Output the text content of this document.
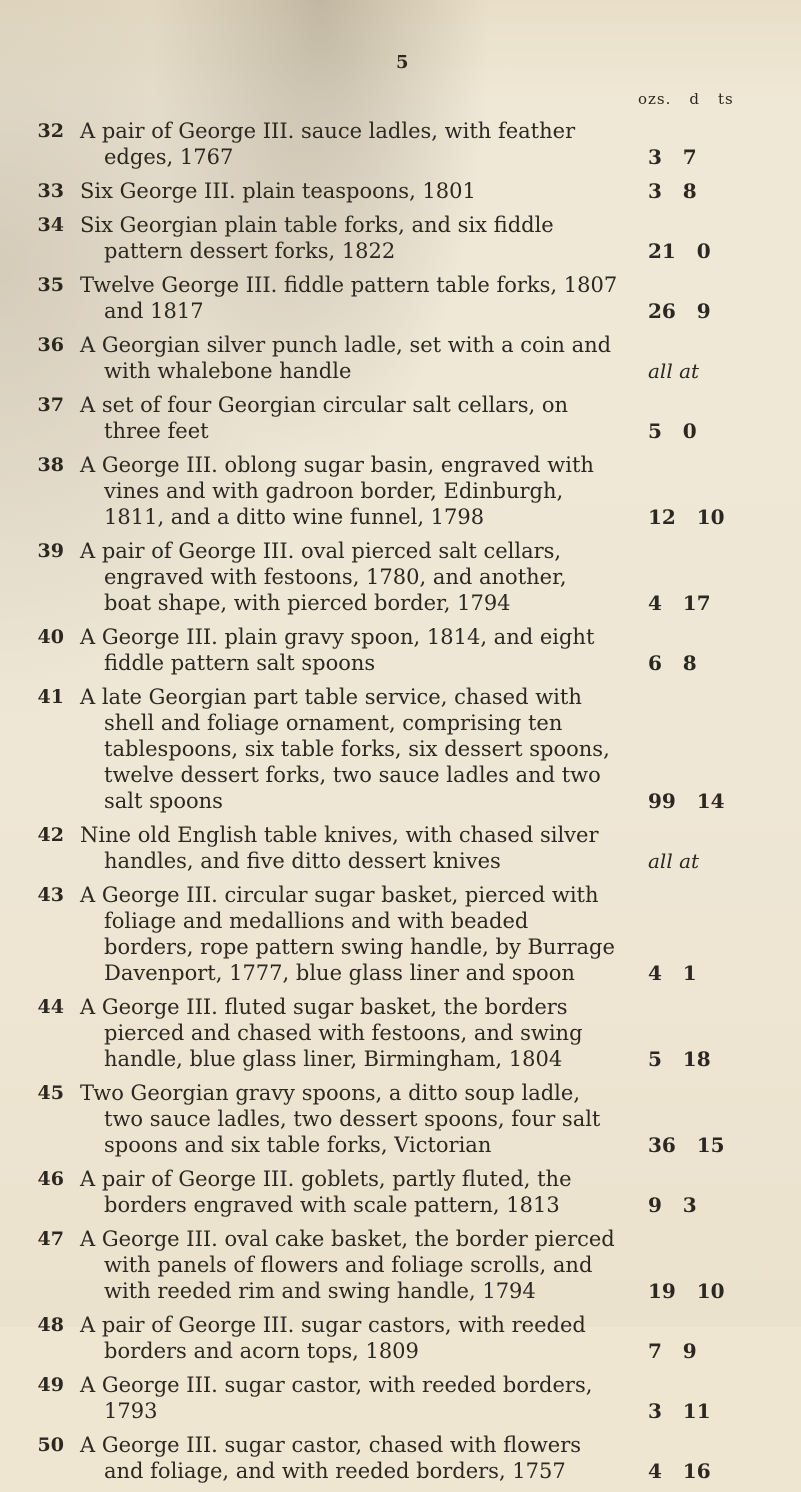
5
ozs. d ts
32 A pair of George III. sauce ladles, with feather edges, 1767	3   7
33 Six George III. plain teaspoons, 1801	3   8
34 Six Georgian plain table forks, and six fiddle pattern dessert forks, 1822	21   0
35 Twelve George III. fiddle pattern table forks, 1807 and 1817	26   9
36 A Georgian silver punch ladle, set with a coin and with whalebone handle	all at
37 A set of four Georgian circular salt cellars, on three feet	5   0
38 A George III. oblong sugar basin, engraved with vines and with gadroon border, Edinburgh, 1811, and a ditto wine funnel, 1798	12   10
39 A pair of George III. oval pierced salt cellars, engraved with festoons, 1780, and another, boat shape, with pierced border, 1794	4   17
40 A George III. plain gravy spoon, 1814, and eight fiddle pattern salt spoons	6   8
41 A late Georgian part table service, chased with shell and foliage ornament, comprising ten tablespoons, six table forks, six dessert spoons, twelve dessert forks, two sauce ladles and two salt spoons	99   14
42 Nine old English table knives, with chased silver handles, and five ditto dessert knives	all at
43 A George III. circular sugar basket, pierced with foliage and medallions and with beaded borders, rope pattern swing handle, by Burrage Davenport, 1777, blue glass liner and spoon	4   1
44 A George III. fluted sugar basket, the borders pierced and chased with festoons, and swing handle, blue glass liner, Birmingham, 1804	5   18
45 Two Georgian gravy spoons, a ditto soup ladle, two sauce ladles, two dessert spoons, four salt spoons and six table forks, Victorian	36   15
46 A pair of George III. goblets, partly fluted, the borders engraved with scale pattern, 1813	9   3
47 A George III. oval cake basket, the border pierced with panels of flowers and foliage scrolls, and with reeded rim and swing handle, 1794	19   10
48 A pair of George III. sugar castors, with reeded borders and acorn tops, 1809	7   9
49 A George III. sugar castor, with reeded borders, 1793	3   11
50 A George III. sugar castor, chased with flowers and foliage, and with reeded borders, 1757	4   16
